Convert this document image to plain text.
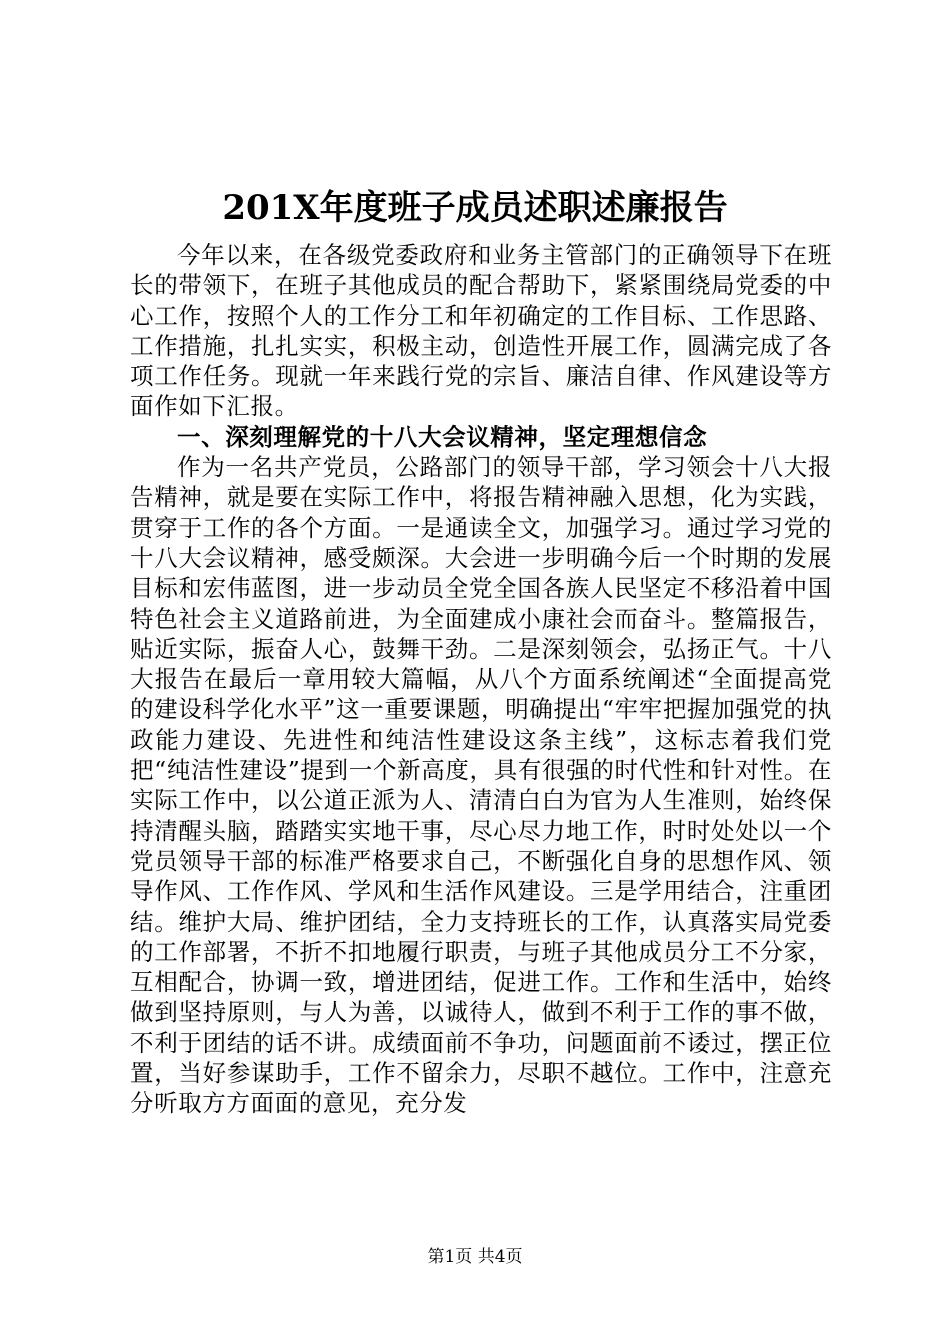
201X年度班子成员述职述廉报告

今年以来，在各级党委政府和业务主管部门的正确领导下在班长的带领下，在班子其他成员的配合帮助下，紧紧围绕局党委的中心工作，按照个人的工作分工和年初确定的工作目标、工作思路、工作措施，扎扎实实，积极主动，创造性开展工作，圆满完成了各项工作任务。现就一年来践行党的宗旨、廉洁自律、作风建设等方面作如下汇报。

一、深刻理解党的十八大会议精神，坚定理想信念

作为一名共产党员，公路部门的领导干部，学习领会十八大报告精神，就是要在实际工作中，将报告精神融入思想，化为实践，贯穿于工作的各个方面。一是通读全文，加强学习。通过学习党的十八大会议精神，感受颇深。大会进一步明确今后一个时期的发展目标和宏伟蓝图，进一步动员全党全国各族人民坚定不移沿着中国特色社会主义道路前进，为全面建成小康社会而奋斗。整篇报告，贴近实际，振奋人心，鼓舞干劲。二是深刻领会，弘扬正气。十八大报告在最后一章用较大篇幅，从八个方面系统阐述“全面提高党的建设科学化水平”这一重要课题，明确提出“牢牢把握加强党的执政能力建设、先进性和纯洁性建设这条主线”，这标志着我们党把“纯洁性建设”提到一个新高度，具有很强的时代性和针对性。在实际工作中，以公道正派为人、清清白白为官为人生准则，始终保持清醒头脑，踏踏实实地干事，尽心尽力地工作，时时处处以一个党员领导干部的标准严格要求自己，不断强化自身的思想作风、领导作风、工作作风、学风和生活作风建设。三是学用结合，注重团结。维护大局、维护团结，全力支持班长的工作，认真落实局党委的工作部署，不折不扣地履行职责，与班子其他成员分工不分家，互相配合，协调一致，增进团结，促进工作。工作和生活中，始终做到坚持原则，与人为善，以诚待人，做到不利于工作的事不做，不利于团结的话不讲。成绩面前不争功，问题面前不诿过，摆正位置，当好参谋助手，工作不留余力，尽职不越位。工作中，注意充分听取方方面面的意见，充分发

第1页 共4页
